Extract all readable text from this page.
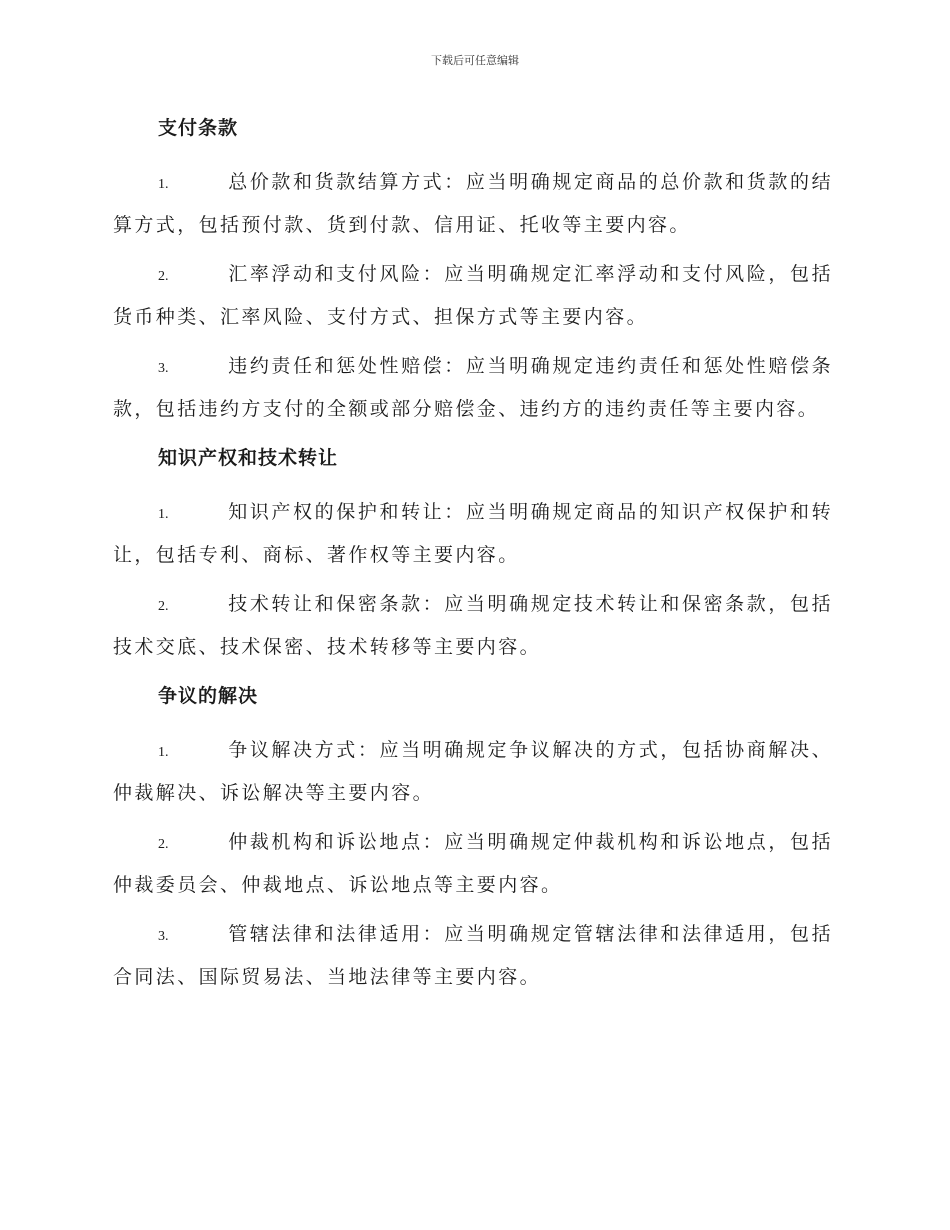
下载后可任意编辑

支付条款

1.	总价款和货款结算方式：应当明确规定商品的总价款和货款的结算方式，包括预付款、货到付款、信用证、托收等主要内容。

2.	汇率浮动和支付风险：应当明确规定汇率浮动和支付风险，包括货币种类、汇率风险、支付方式、担保方式等主要内容。

3.	违约责任和惩处性赔偿：应当明确规定违约责任和惩处性赔偿条款，包括违约方支付的全额或部分赔偿金、违约方的违约责任等主要内容。

知识产权和技术转让

1.	知识产权的保护和转让：应当明确规定商品的知识产权保护和转让，包括专利、商标、著作权等主要内容。

2.	技术转让和保密条款：应当明确规定技术转让和保密条款，包括技术交底、技术保密、技术转移等主要内容。

争议的解决

1.	争议解决方式：应当明确规定争议解决的方式，包括协商解决、仲裁解决、诉讼解决等主要内容。

2.	仲裁机构和诉讼地点：应当明确规定仲裁机构和诉讼地点，包括仲裁委员会、仲裁地点、诉讼地点等主要内容。

3.	管辖法律和法律适用：应当明确规定管辖法律和法律适用，包括合同法、国际贸易法、当地法律等主要内容。
